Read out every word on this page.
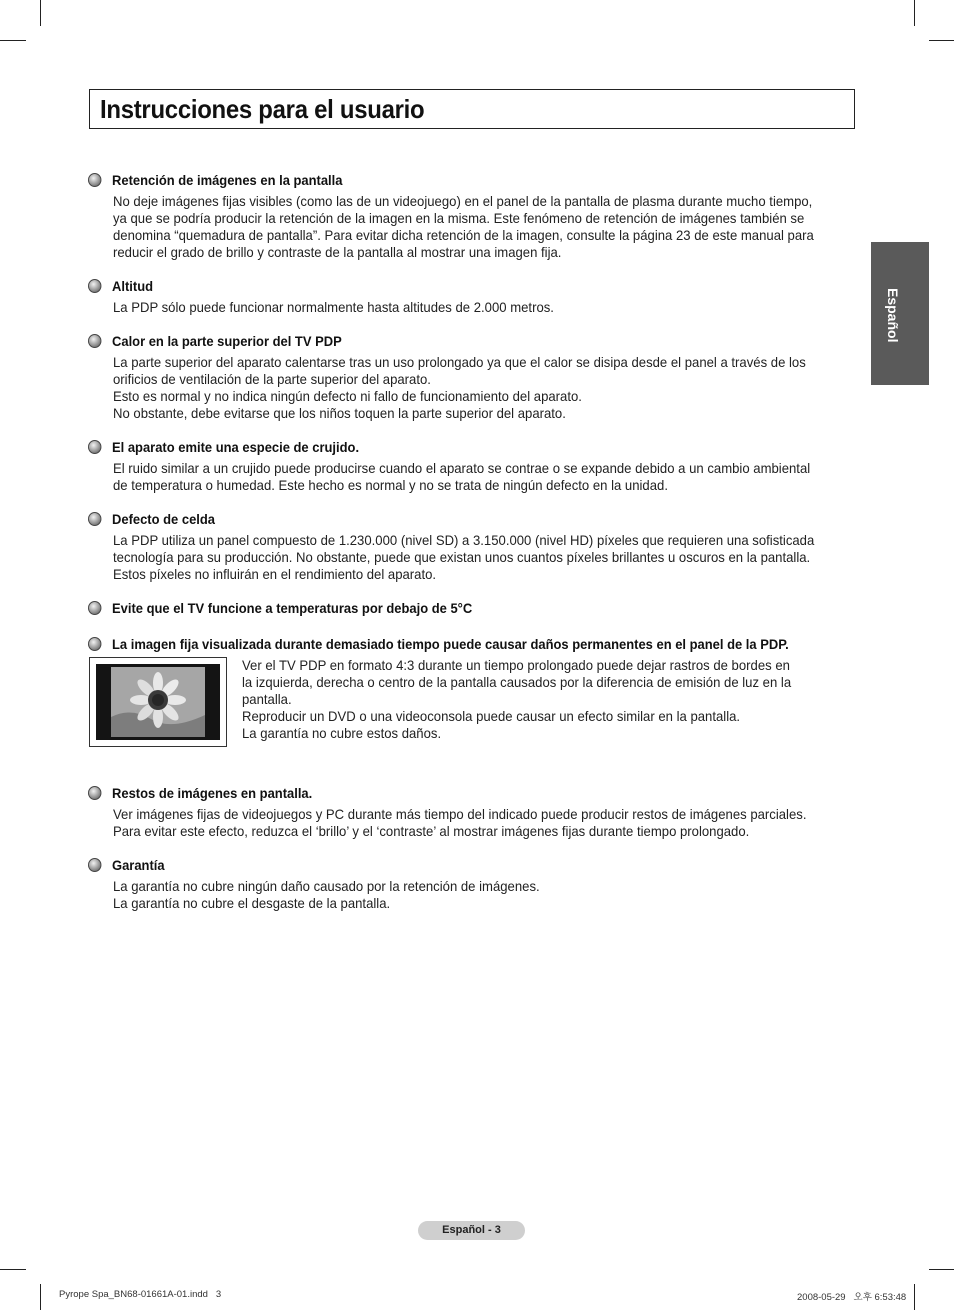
Instrucciones para el usuario
Español
Retención de imágenes en la pantalla

No deje imágenes fijas visibles (como las de un videojuego) en el panel de la pantalla de plasma durante mucho tiempo,

ya que se podría producir la retención de la imagen en la misma. Este fenómeno de retención de imágenes también se

denomina “quemadura de pantalla”. Para evitar dicha retención de la imagen, consulte la página 23 de este manual para

reducir el grado de brillo y contraste de la pantalla al mostrar una imagen fija.

Altitud

La PDP sólo puede funcionar normalmente hasta altitudes de 2.000 metros.

Calor en la parte superior del TV PDP

La parte superior del aparato calentarse tras un uso prolongado ya que el calor se disipa desde el panel a través de los

orificios de ventilación de la parte superior del aparato.

Esto es normal y no indica ningún defecto ni fallo de funcionamiento del aparato.

No obstante, debe evitarse que los niños toquen la parte superior del aparato.

El aparato emite una especie de crujido.

El ruido similar a un crujido puede producirse cuando el aparato se contrae o se expande debido a un cambio ambiental

de temperatura o humedad. Este hecho es normal y no se trata de ningún defecto en la unidad.

Defecto de celda

La PDP utiliza un panel compuesto de 1.230.000 (nivel SD) a 3.150.000 (nivel HD) píxeles que requieren una sofisticada

tecnología para su producción. No obstante, puede que existan unos cuantos píxeles brillantes u oscuros en la pantalla.

Estos píxeles no influirán en el rendimiento del aparato.

Evite que el TV funcione a temperaturas por debajo de 5°C
La imagen fija visualizada durante demasiado tiempo puede causar daños permanentes en el panel de la PDP.

Ver el TV PDP en formato 4:3 durante un tiempo prolongado puede dejar rastros de bordes en

la izquierda, derecha o centro de la pantalla causados por la diferencia de emisión de luz en la

pantalla.

Reproducir un DVD o una videoconsola puede causar un efecto similar en la pantalla.

La garantía no cubre estos daños.

Restos de imágenes en pantalla.

Ver imágenes fijas de videojuegos y PC durante más tiempo del indicado puede producir restos de imágenes parciales.

Para evitar este efecto, reduzca el ‘brillo’ y el ‘contraste’ al mostrar imágenes fijas durante tiempo prolongado.

Garantía

La garantía no cubre ningún daño causado por la retención de imágenes.

La garantía no cubre el desgaste de la pantalla.

Español - 3
Pyrope Spa_BN68-01661A-01.indd   3	2008-05-29   오후 6:53:48
